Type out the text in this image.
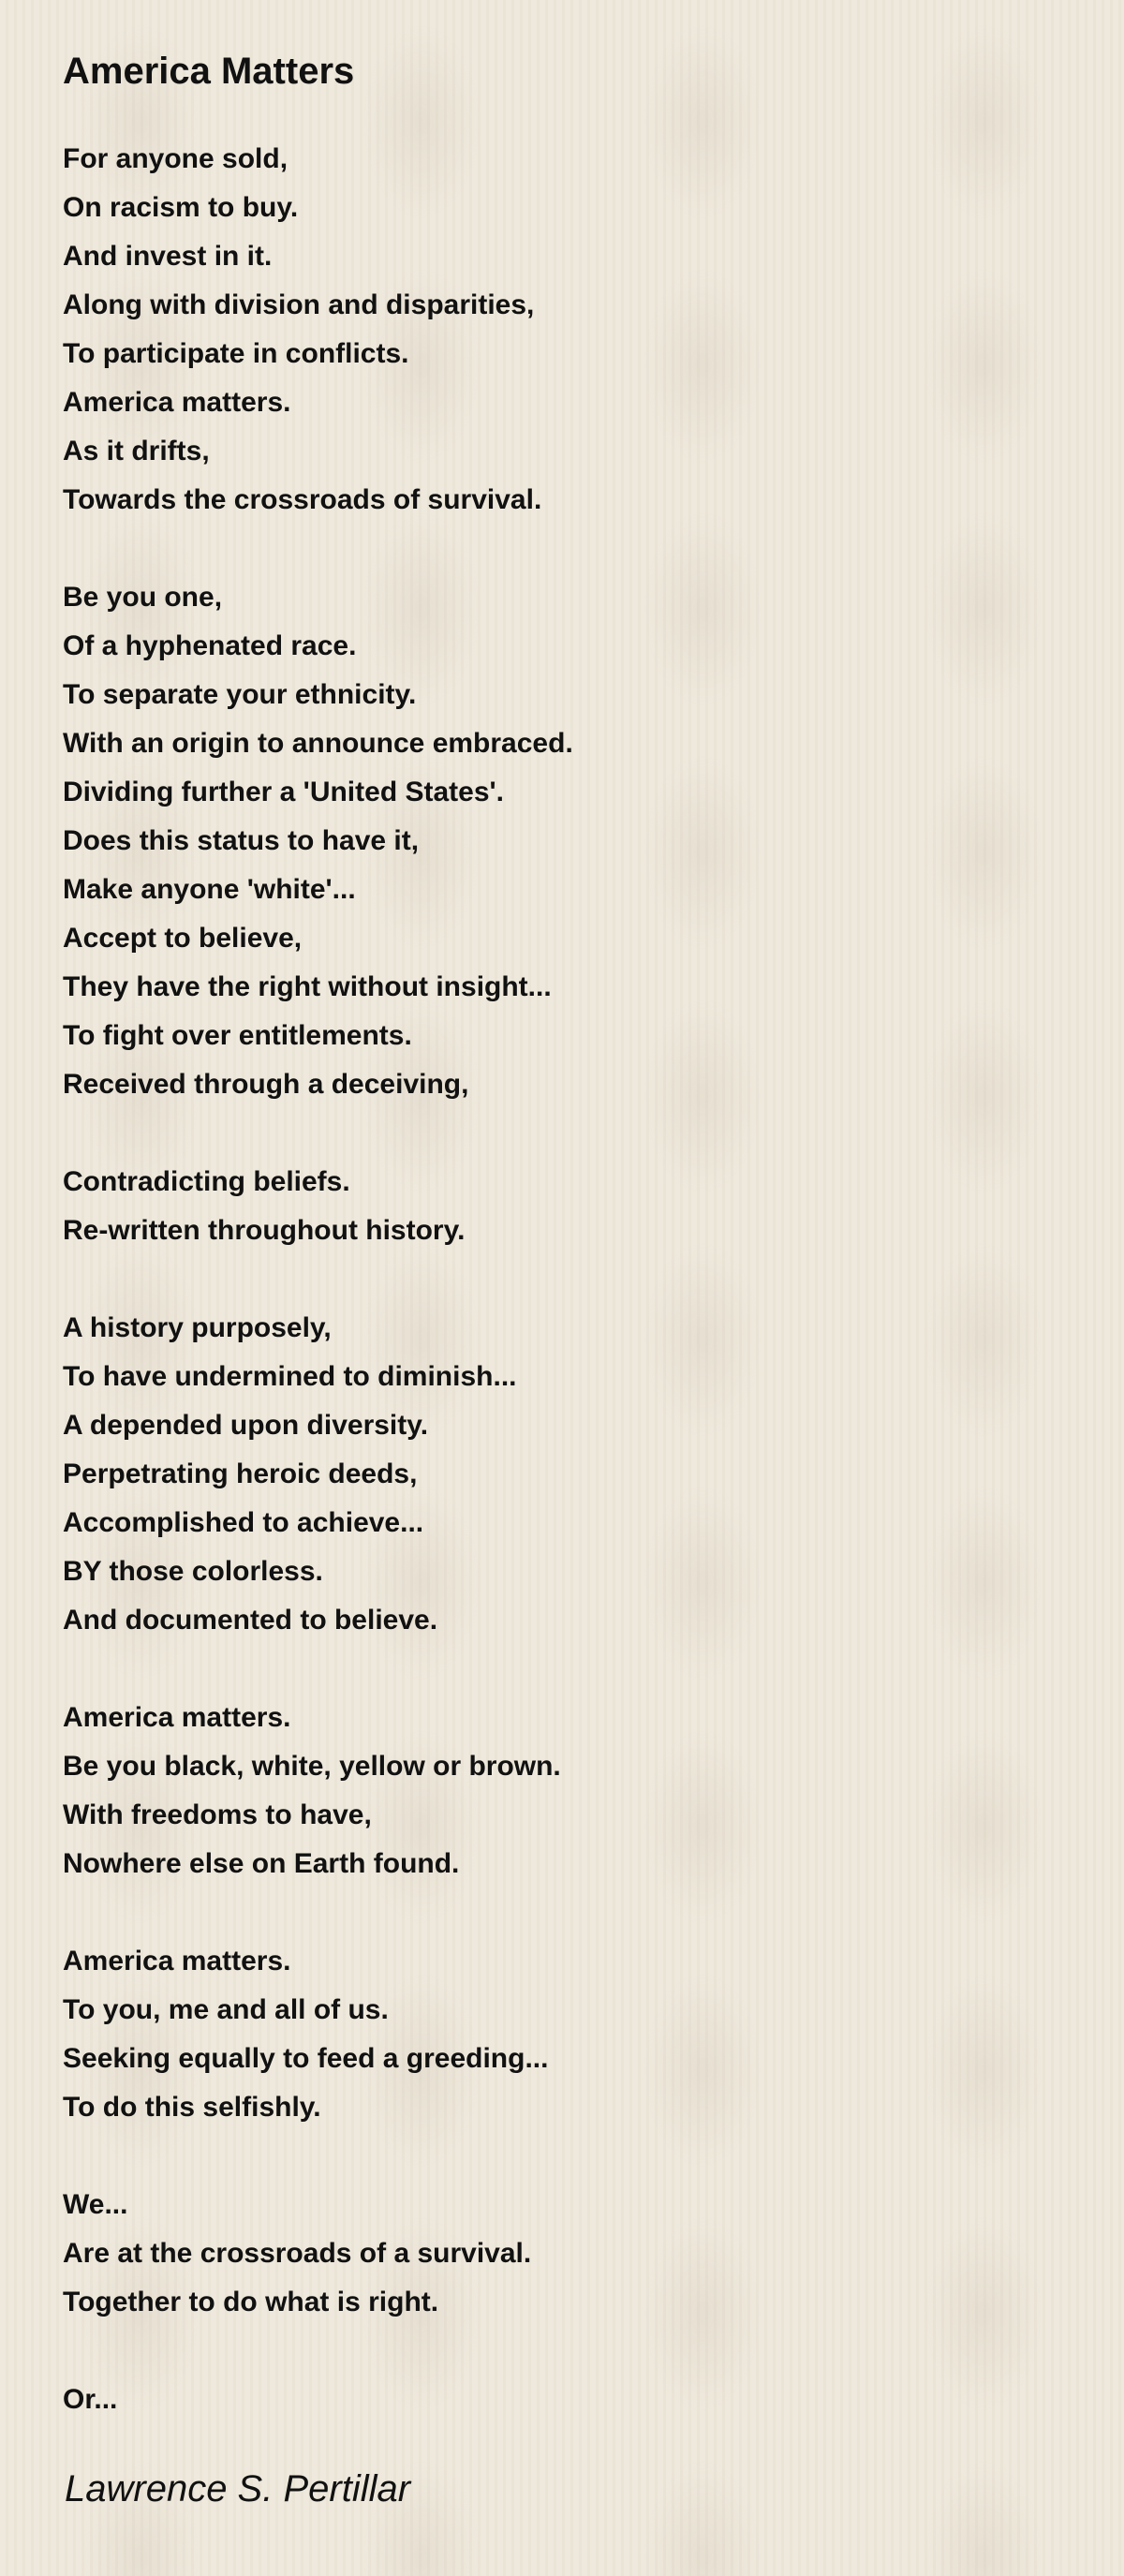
America Matters
For anyone sold,
On racism to buy.
And invest in it.
Along with division and disparities,
To participate in conflicts.
America matters.
As it drifts,
Towards the crossroads of survival.
Be you one,
Of a hyphenated race.
To separate your ethnicity.
With an origin to announce embraced.
Dividing further a 'United States'.
Does this status to have it,
Make anyone 'white'...
Accept to believe,
They have the right without insight...
To fight over entitlements.
Received through a deceiving,
Contradicting beliefs.
Re-written throughout history.
A history purposely,
To have undermined to diminish...
A depended upon diversity.
Perpetrating heroic deeds,
Accomplished to achieve...
BY those colorless.
And documented to believe.
America matters.
Be you black, white, yellow or brown.
With freedoms to have,
Nowhere else on Earth found.
America matters.
To you, me and all of us.
Seeking equally to feed a greeding...
To do this selfishly.
We...
Are at the crossroads of a survival.
Together to do what is right.
Or...
Lawrence S. Pertillar
